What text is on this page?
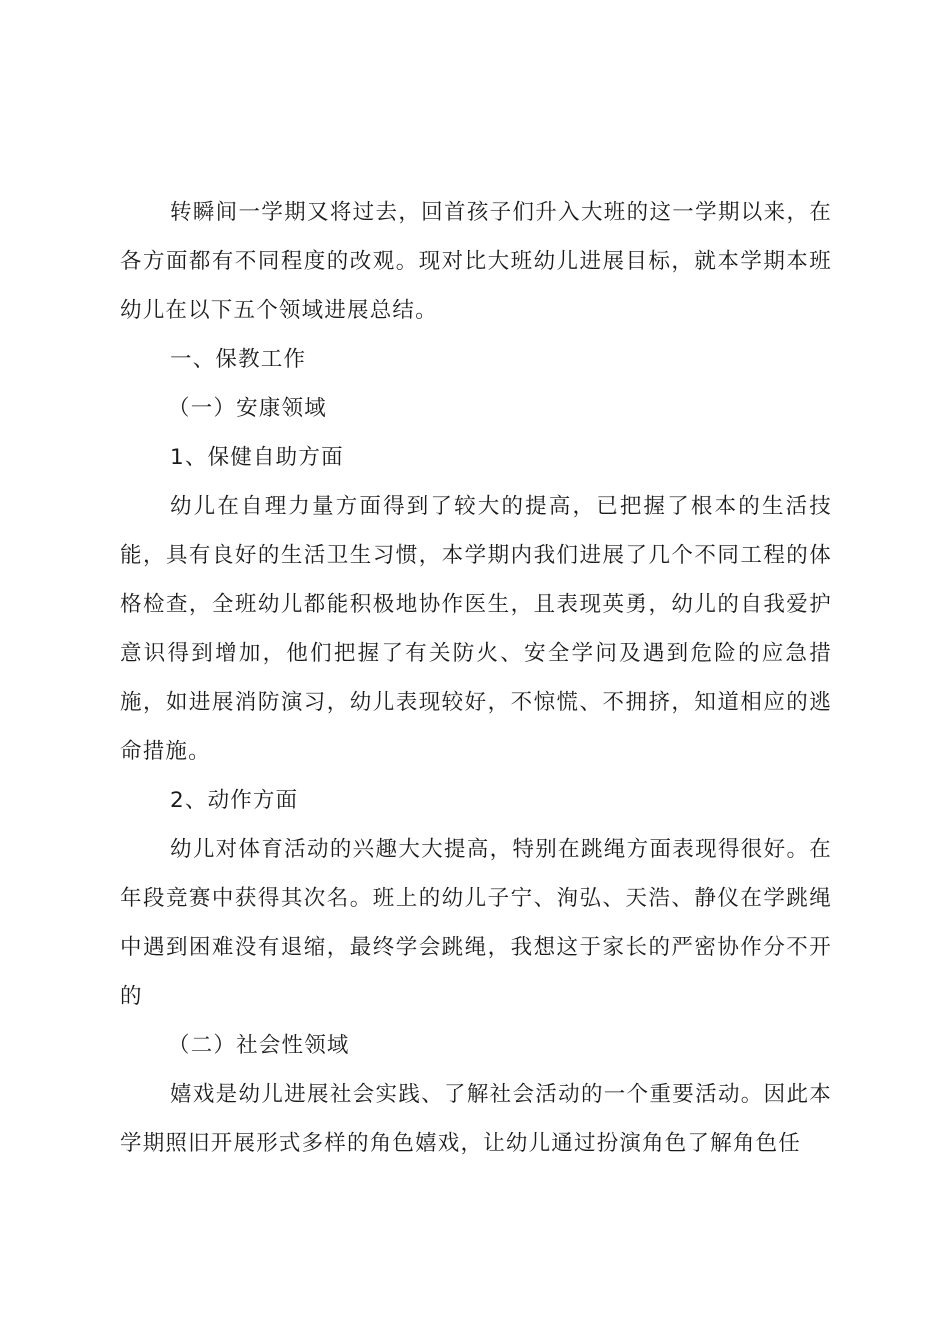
转瞬间一学期又将过去，回首孩子们升入大班的这一学期以来，在各方面都有不同程度的改观。现对比大班幼儿进展目标，就本学期本班幼儿在以下五个领域进展总结。

一、保教工作

（一）安康领域

1、保健自助方面

幼儿在自理力量方面得到了较大的提高，已把握了根本的生活技能，具有良好的生活卫生习惯，本学期内我们进展了几个不同工程的体格检查，全班幼儿都能积极地协作医生，且表现英勇，幼儿的自我爱护意识得到增加，他们把握了有关防火、安全学问及遇到危险的应急措施，如进展消防演习，幼儿表现较好，不惊慌、不拥挤，知道相应的逃命措施。

2、动作方面

幼儿对体育活动的兴趣大大提高，特别在跳绳方面表现得很好。在年段竞赛中获得其次名。班上的幼儿子宁、洵弘、天浩、静仪在学跳绳中遇到困难没有退缩，最终学会跳绳，我想这于家长的严密协作分不开的

（二）社会性领域

嬉戏是幼儿进展社会实践、了解社会活动的一个重要活动。因此本学期照旧开展形式多样的角色嬉戏，让幼儿通过扮演角色了解角色任
